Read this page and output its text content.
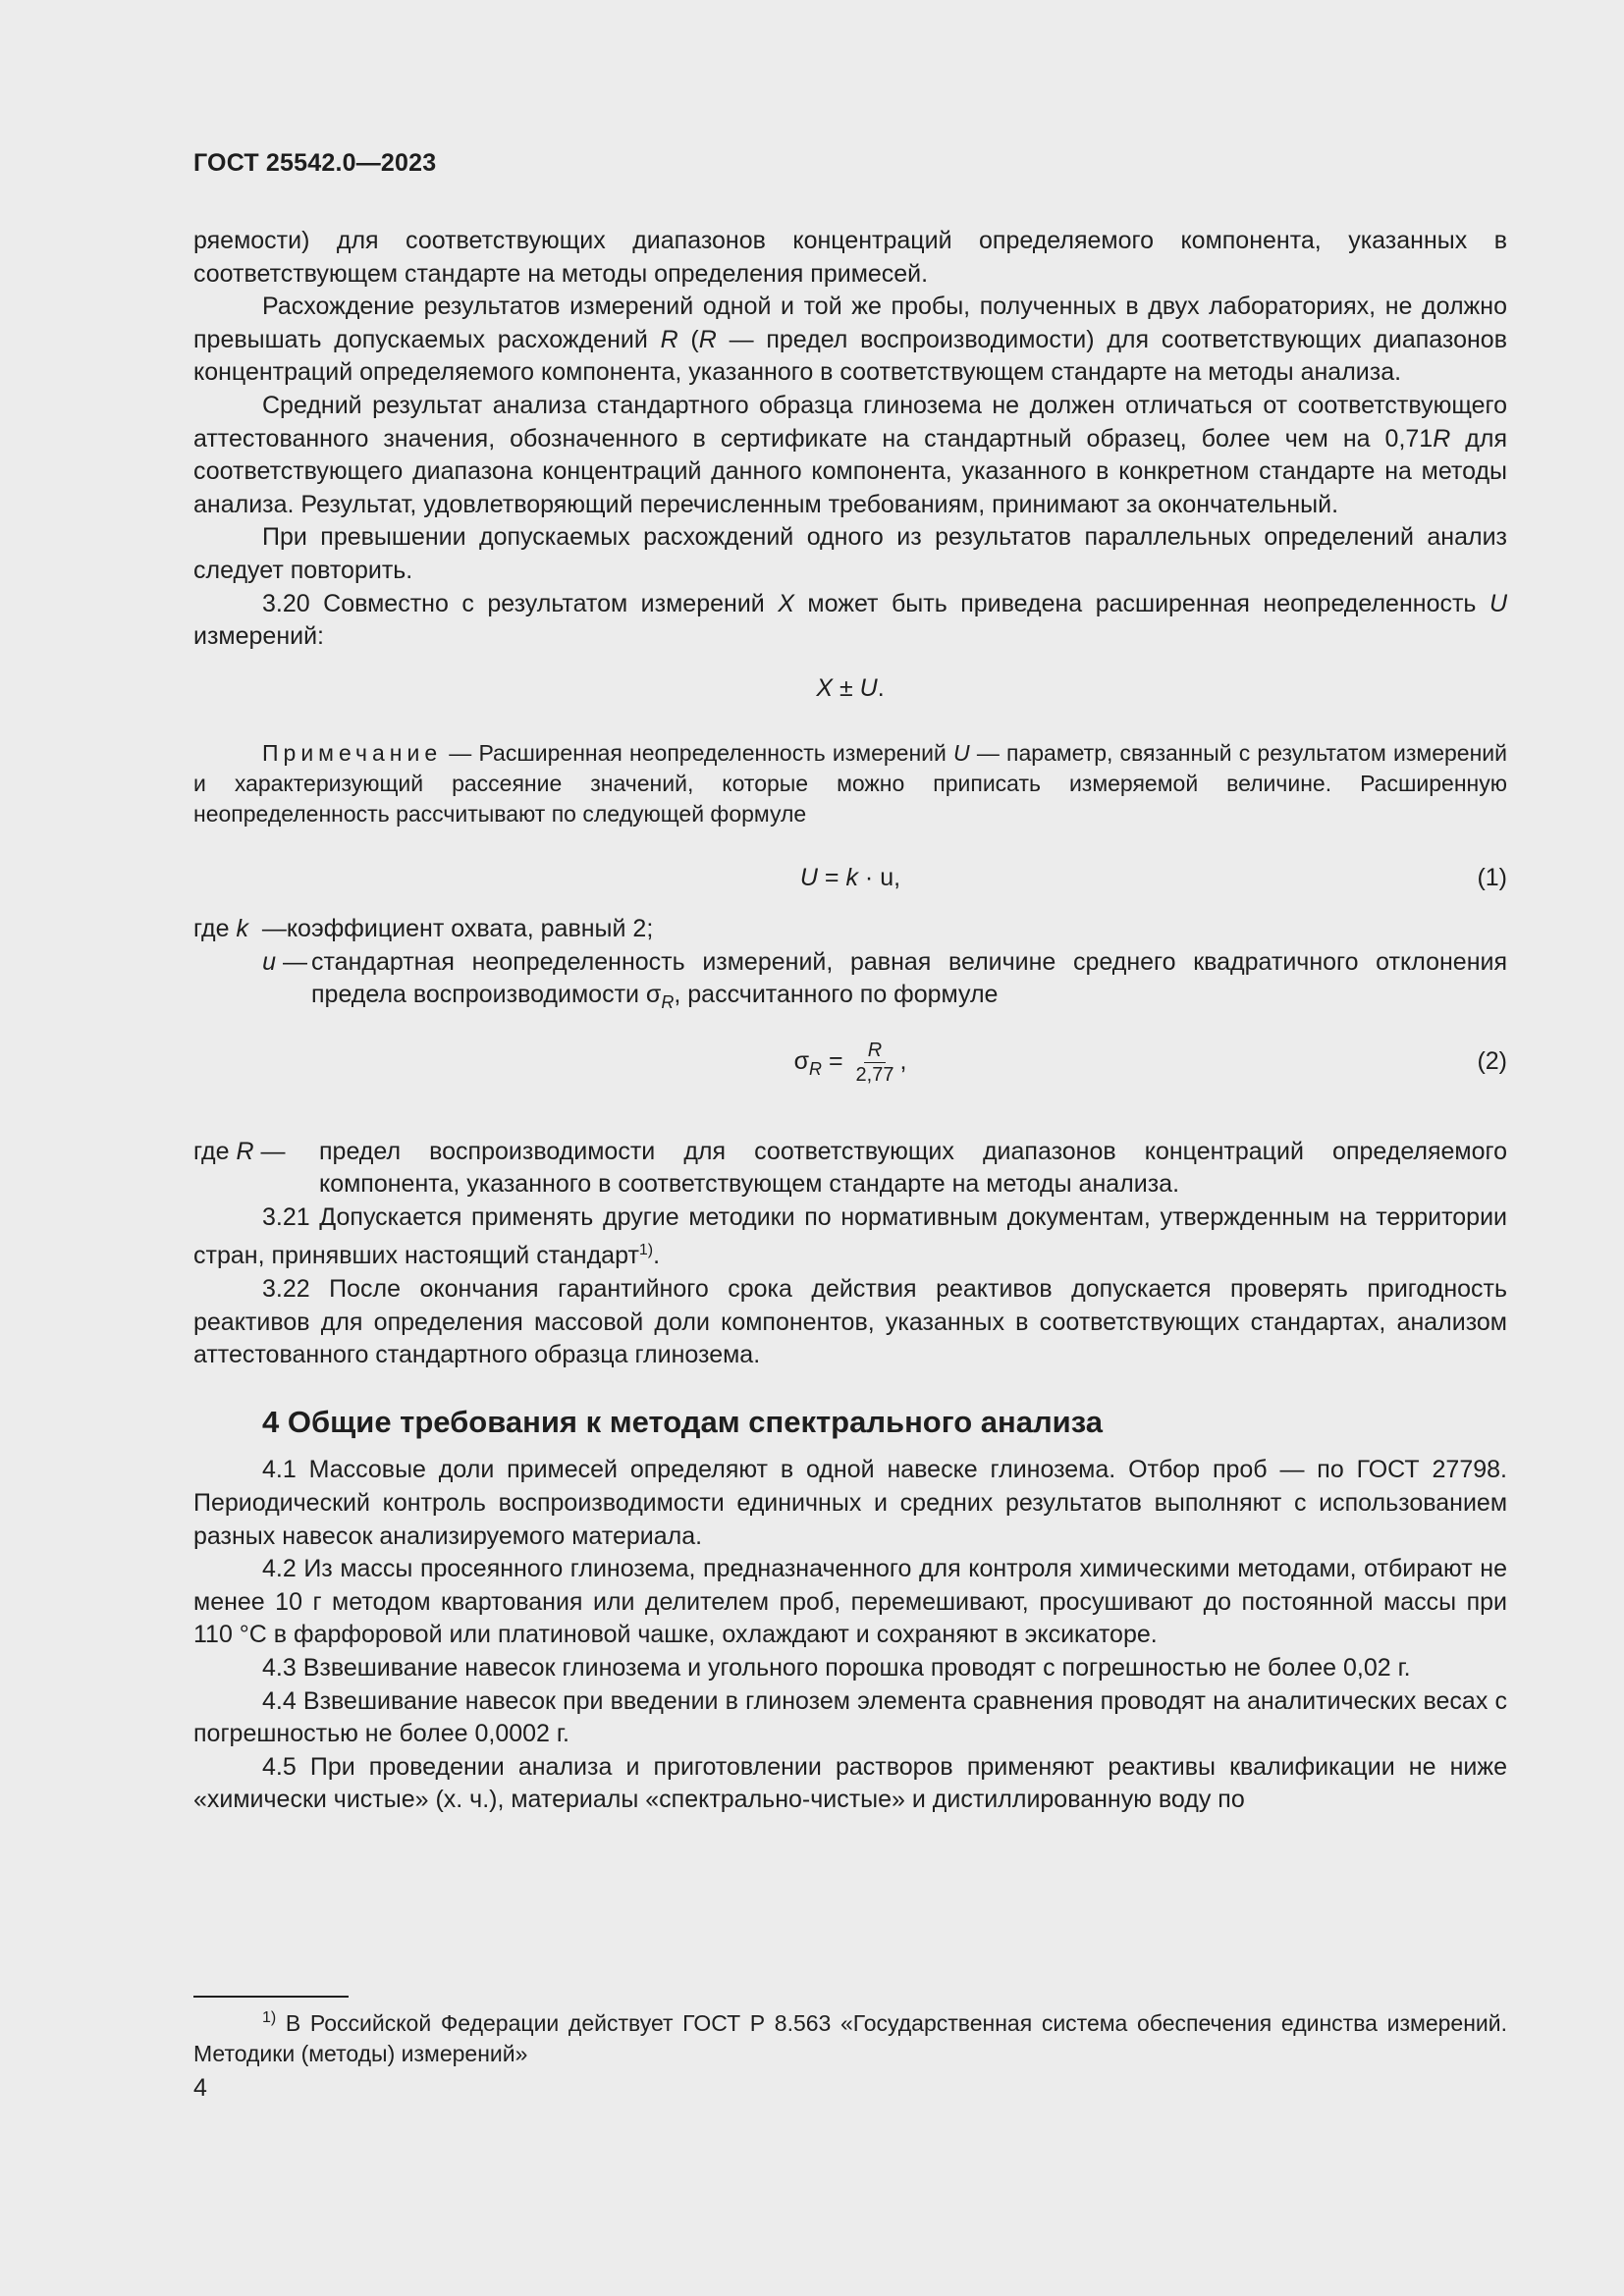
ГОСТ 25542.0—2023

ряемости) для соответствующих диапазонов концентраций определяемого компонента, указанных в соответствующем стандарте на методы определения примесей.

Расхождение результатов измерений одной и той же пробы, полученных в двух лабораториях, не должно превышать допускаемых расхождений R (R — предел воспроизводимости) для соответствующих диапазонов концентраций определяемого компонента, указанного в соответствующем стандарте на методы анализа.

Средний результат анализа стандартного образца глинозема не должен отличаться от соответствующего аттестованного значения, обозначенного в сертификате на стандартный образец, более чем на 0,71R для соответствующего диапазона концентраций данного компонента, указанного в конкретном стандарте на методы анализа. Результат, удовлетворяющий перечисленным требованиям, принимают за окончательный.

При превышении допускаемых расхождений одного из результатов параллельных определений анализ следует повторить.

3.20 Совместно с результатом измерений X может быть приведена расширенная неопределенность U измерений:

X ± U.

Примечание — Расширенная неопределенность измерений U — параметр, связанный с результатом измерений и характеризующий рассеяние значений, которые можно приписать измеряемой величине. Расширенную неопределенность рассчитывают по следующей формуле

U = k · u,	(1)

где k  — коэффициент охвата, равный 2;
u — стандартная неопределенность измерений, равная величине среднего квадратичного отклонения предела воспроизводимости $\sigma_R$, рассчитанного по формуле

$\sigma_R = \frac{R}{2,77}$ ,	(2)

где R —	предел воспроизводимости для соответствующих диапазонов концентраций определяемого компонента, указанного в соответствующем стандарте на методы анализа.

3.21 Допускается применять другие методики по нормативным документам, утвержденным на территории стран, принявших настоящий стандарт$^{1)}$.

3.22 После окончания гарантийного срока действия реактивов допускается проверять пригодность реактивов для определения массовой доли компонентов, указанных в соответствующих стандартах, анализом аттестованного стандартного образца глинозема.

4 Общие требования к методам спектрального анализа

4.1 Массовые доли примесей определяют в одной навеске глинозема. Отбор проб — по ГОСТ 27798. Периодический контроль воспроизводимости единичных и средних результатов выполняют с использованием разных навесок анализируемого материала.

4.2 Из массы просеянного глинозема, предназначенного для контроля химическими методами, отбирают не менее 10 г методом квартования или делителем проб, перемешивают, просушивают до постоянной массы при 110 °С в фарфоровой или платиновой чашке, охлаждают и сохраняют в эксикаторе.

4.3 Взвешивание навесок глинозема и угольного порошка проводят с погрешностью не более 0,02 г.

4.4 Взвешивание навесок при введении в глинозем элемента сравнения проводят на аналитических весах с погрешностью не более 0,0002 г.

4.5 При проведении анализа и приготовлении растворов применяют реактивы квалификации не ниже «химически чистые» (х. ч.), материалы «спектрально-чистые» и дистиллированную воду по

$^{1)}$ В Российской Федерации действует ГОСТ Р 8.563 «Государственная система обеспечения единства измерений. Методики (методы) измерений»
4
